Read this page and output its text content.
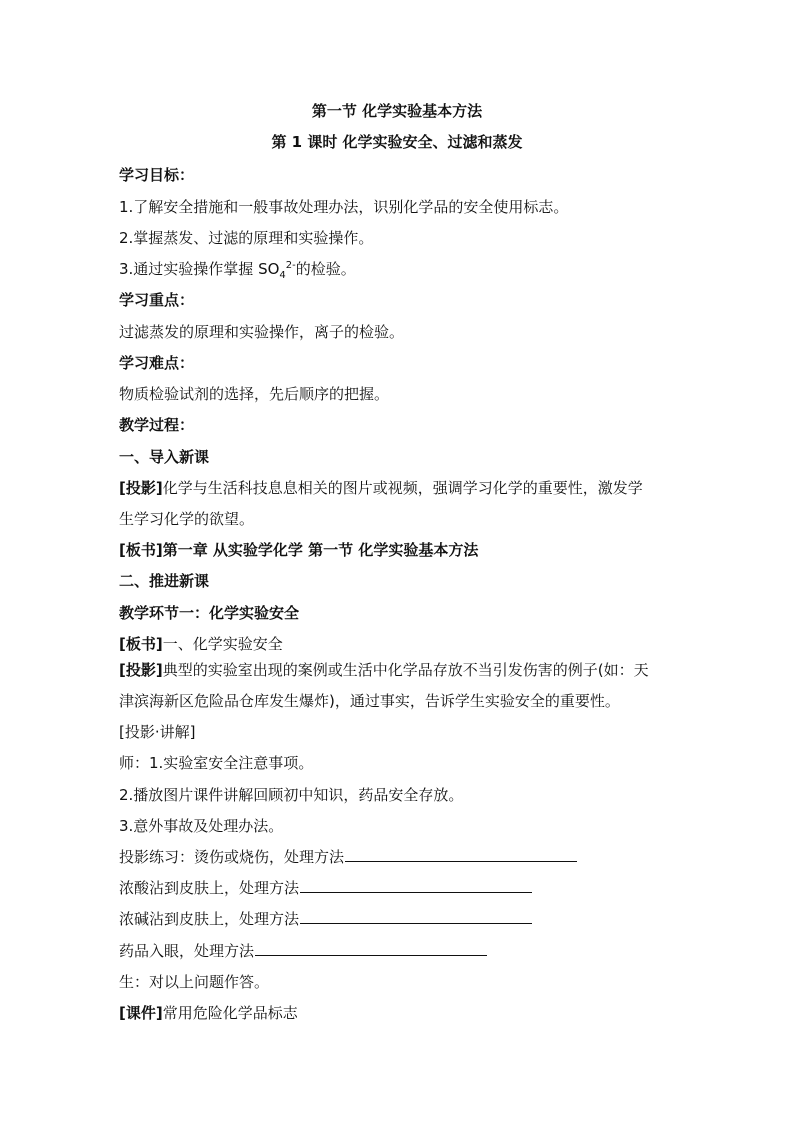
第一节 化学实验基本方法
第 1 课时 化学实验安全、过滤和蒸发
学习目标：
1.了解安全措施和一般事故处理办法，识别化学品的安全使用标志。
2.掌握蒸发、过滤的原理和实验操作。
3.通过实验操作掌握 $SO_4^{2-}$的检验。
学习重点：
过滤蒸发的原理和实验操作，离子的检验。
学习难点：
物质检验试剂的选择，先后顺序的把握。
教学过程：
一、导入新课
[投影]化学与生活科技息息相关的图片或视频，强调学习化学的重要性，激发学
生学习化学的欲望。
[板书]第一章 从实验学化学 第一节 化学实验基本方法
二、推进新课
教学环节一：化学实验安全
[板书]一、化学实验安全
[投影]典型的实验室出现的案例或生活中化学品存放不当引发伤害的例子(如：天
津滨海新区危险品仓库发生爆炸)，通过事实，告诉学生实验安全的重要性。
[投影·讲解]
师：1.实验室安全注意事项。
2.播放图片课件讲解回顾初中知识，药品安全存放。
3.意外事故及处理办法。
投影练习：烫伤或烧伤，处理方法
浓酸沾到皮肤上，处理方法
浓碱沾到皮肤上，处理方法
药品入眼，处理方法
生：对以上问题作答。
[课件]常用危险化学品标志
